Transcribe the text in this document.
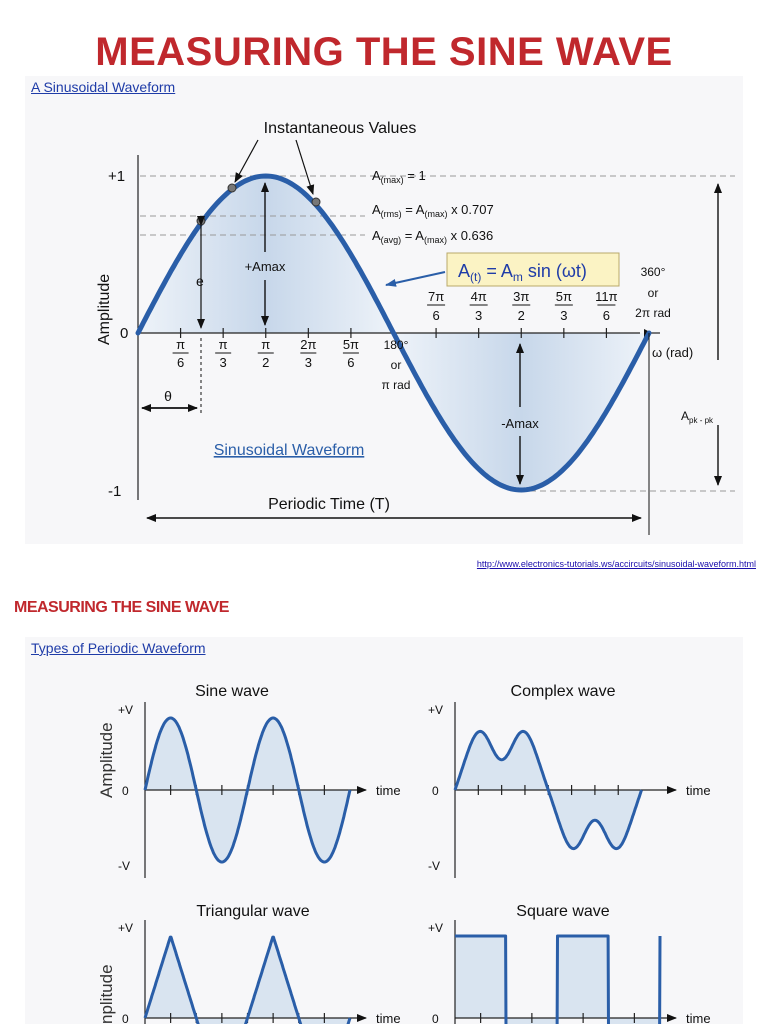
MEASURING THE SINE WAVE
A Sinusoidal Waveform
Instantaneous Values
+1
0
-1
Amplitude
$A_{(max)} = 1$
$A_{(rms)} = A_{(max)}$ x 0.707
$A_{(avg)} = A_{(max)}$ x 0.636
$A_{(t)} = A_m$ sin (ωt)
e
+Amax
-Amax
θ
π
6
π
3
π
2
2π
3
5π
6
7π
6
4π
3
3π
2
5π
3
11π
6
180°
or
π rad
360°
or
2π rad
ω (rad)
$A_{pk - pk}$
Periodic Time (T)
Sinusoidal Waveform
http://www.electronics-tutorials.ws/accircuits/sinusoidal-waveform.html
MEASURING THE SINE WAVE
Types of Periodic Waveform
Amplitude
nplitude
Sine wave
+V
0
-V
time
Complex wave
+V
0
-V
time
Triangular wave
+V
0	time
Square wave
+V
0	time
